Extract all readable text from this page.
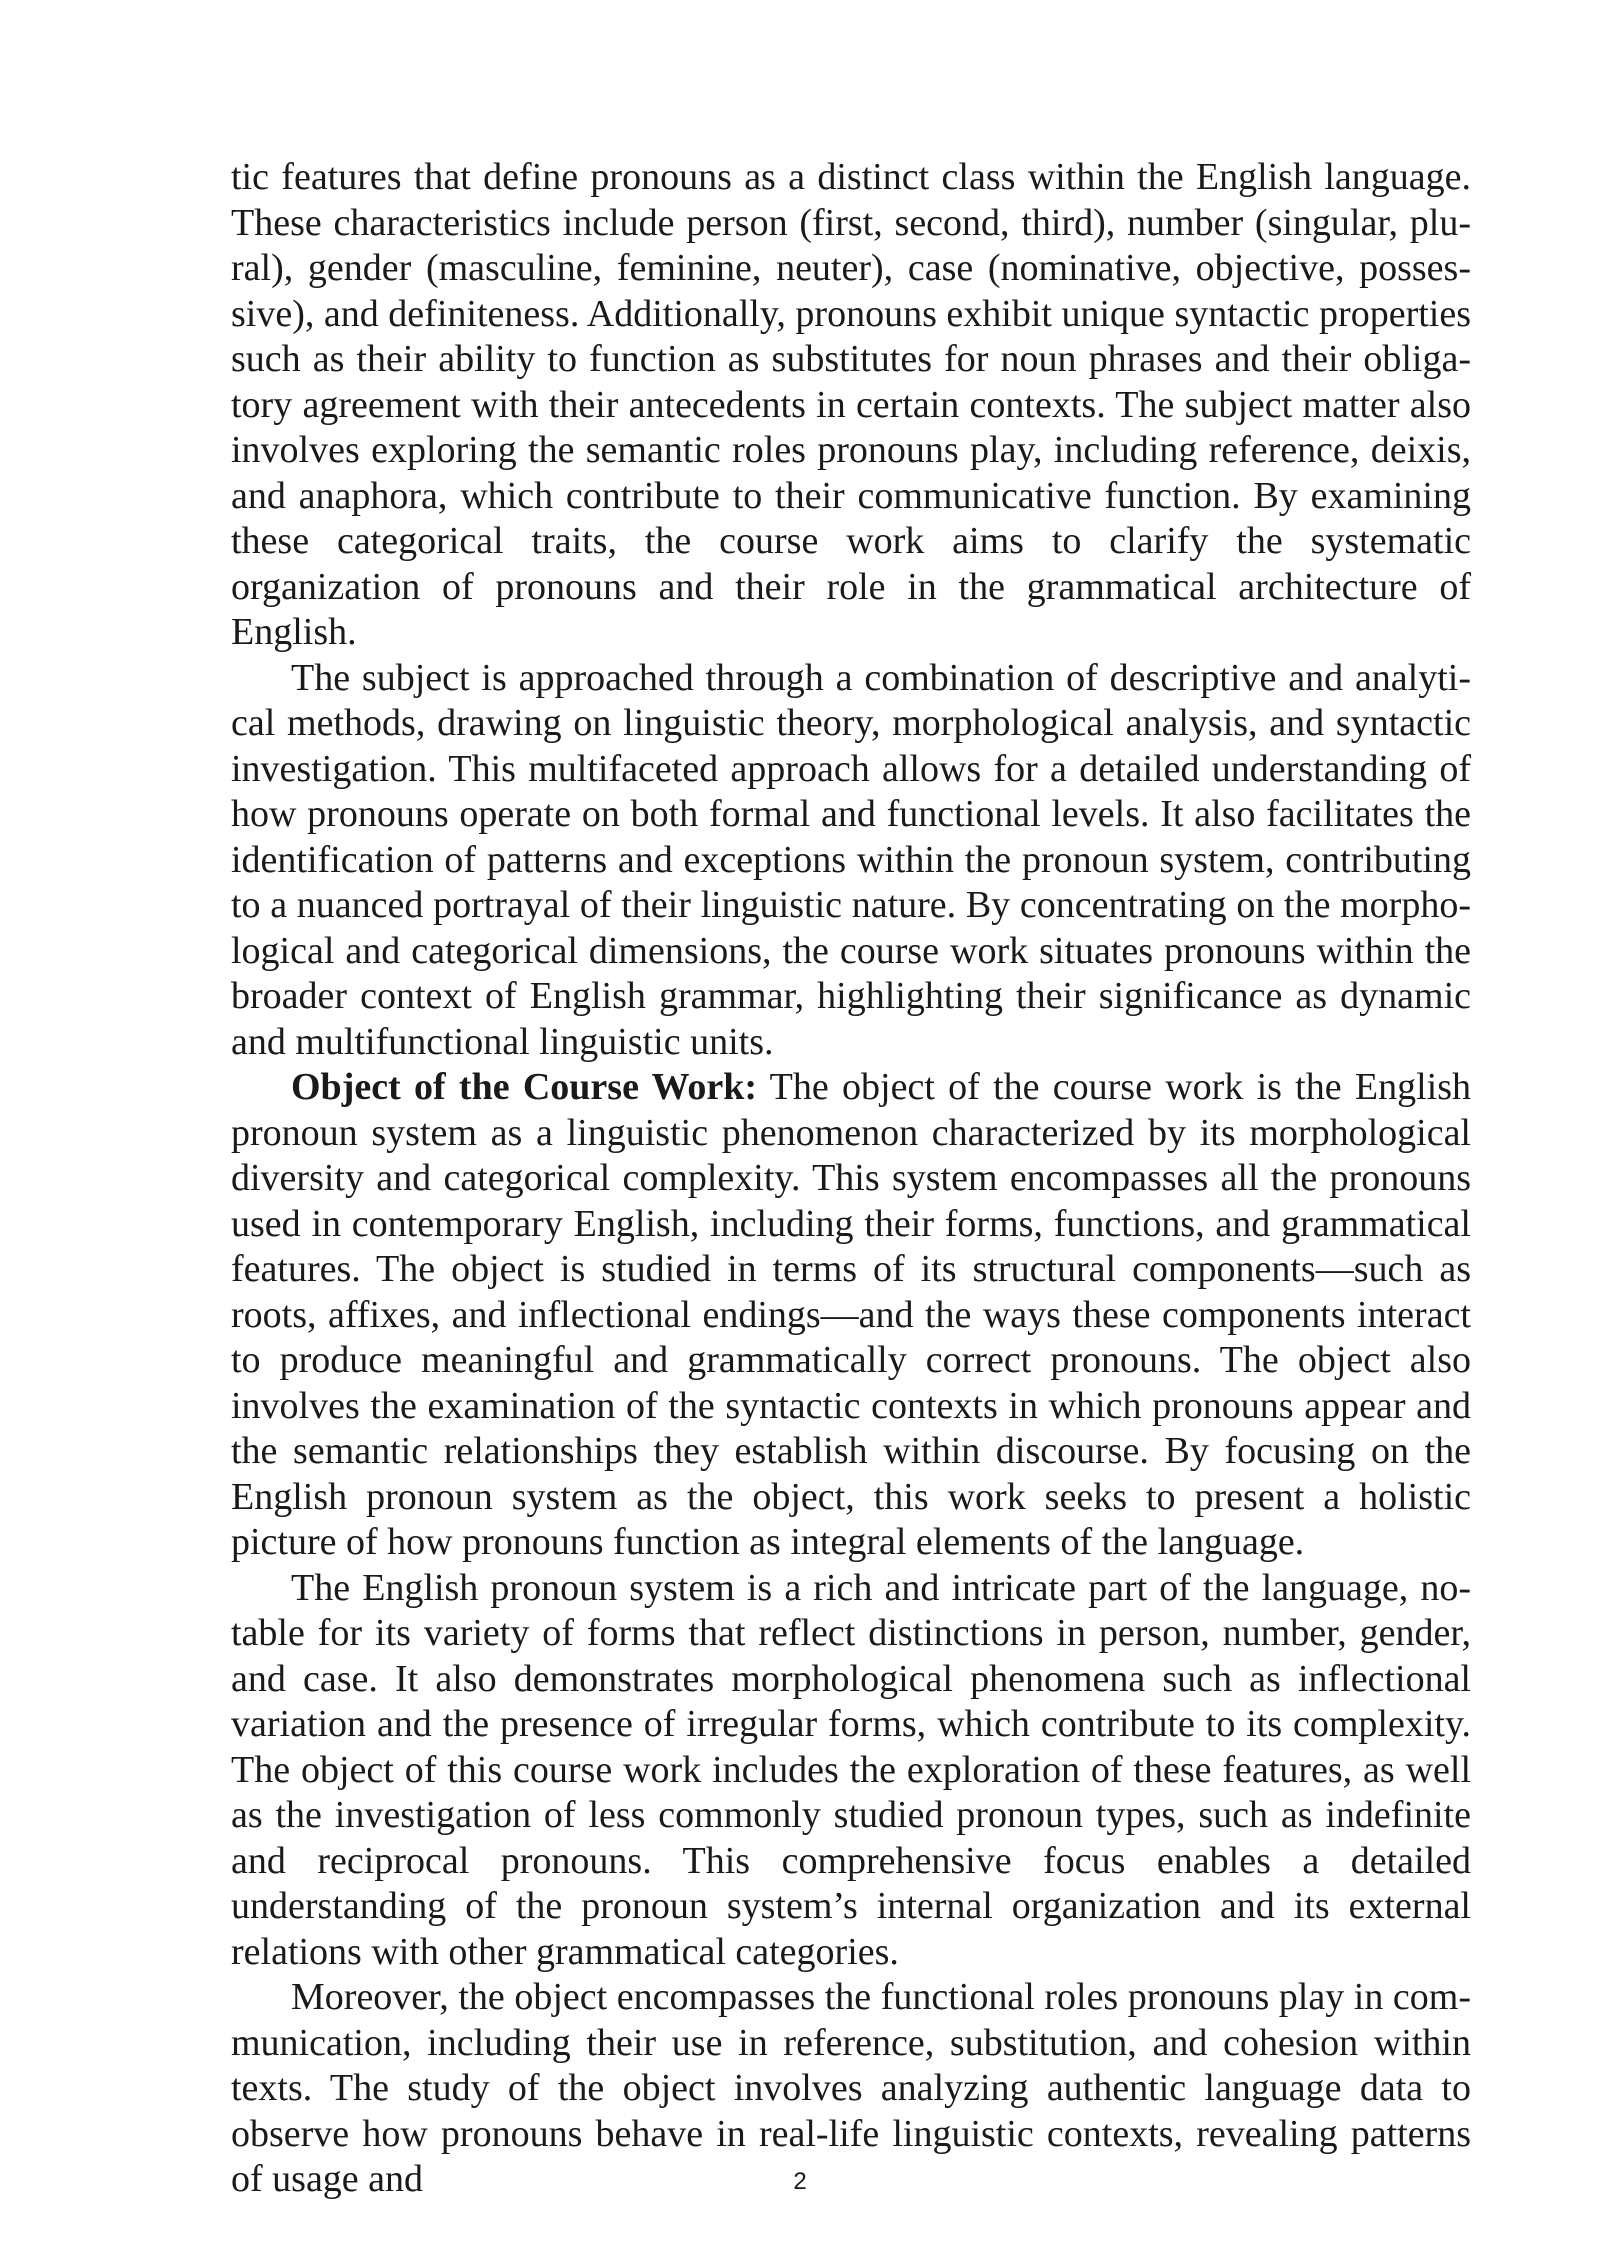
tic features that define pronouns as a distinct class within the English language. These characteristics include person (first, second, third), number (singular, plural), gender (masculine, feminine, neuter), case (nominative, objective, possessive), and definiteness. Additionally, pronouns exhibit unique syntactic properties such as their ability to function as substitutes for noun phrases and their obligatory agreement with their antecedents in certain contexts. The subject matter also involves exploring the semantic roles pronouns play, including reference, deixis, and anaphora, which contribute to their communicative function. By examining these categorical traits, the course work aims to clarify the systematic organization of pronouns and their role in the grammatical architecture of English.

The subject is approached through a combination of descriptive and analytical methods, drawing on linguistic theory, morphological analysis, and syntactic investigation. This multifaceted approach allows for a detailed understanding of how pronouns operate on both formal and functional levels. It also facilitates the identification of patterns and exceptions within the pronoun system, contributing to a nuanced portrayal of their linguistic nature. By concentrating on the morphological and categorical dimensions, the course work situates pronouns within the broader context of English grammar, highlighting their significance as dynamic and multifunctional linguistic units.

Object of the Course Work: The object of the course work is the English pronoun system as a linguistic phenomenon characterized by its morphological diversity and categorical complexity. This system encompasses all the pronouns used in contemporary English, including their forms, functions, and grammatical features. The object is studied in terms of its structural components—such as roots, affixes, and inflectional endings—and the ways these components interact to produce meaningful and grammatically correct pronouns. The object also involves the examination of the syntactic contexts in which pronouns appear and the semantic relationships they establish within discourse. By focusing on the English pronoun system as the object, this work seeks to present a holistic picture of how pronouns function as integral elements of the language.

The English pronoun system is a rich and intricate part of the language, notable for its variety of forms that reflect distinctions in person, number, gender, and case. It also demonstrates morphological phenomena such as inflectional variation and the presence of irregular forms, which contribute to its complexity. The object of this course work includes the exploration of these features, as well as the investigation of less commonly studied pronoun types, such as indefinite and reciprocal pronouns. This comprehensive focus enables a detailed understanding of the pronoun system’s internal organization and its external relations with other grammatical categories.

Moreover, the object encompasses the functional roles pronouns play in communication, including their use in reference, substitution, and cohesion within texts. The study of the object involves analyzing authentic language data to observe how pronouns behave in real-life linguistic contexts, revealing patterns of usage and	2
